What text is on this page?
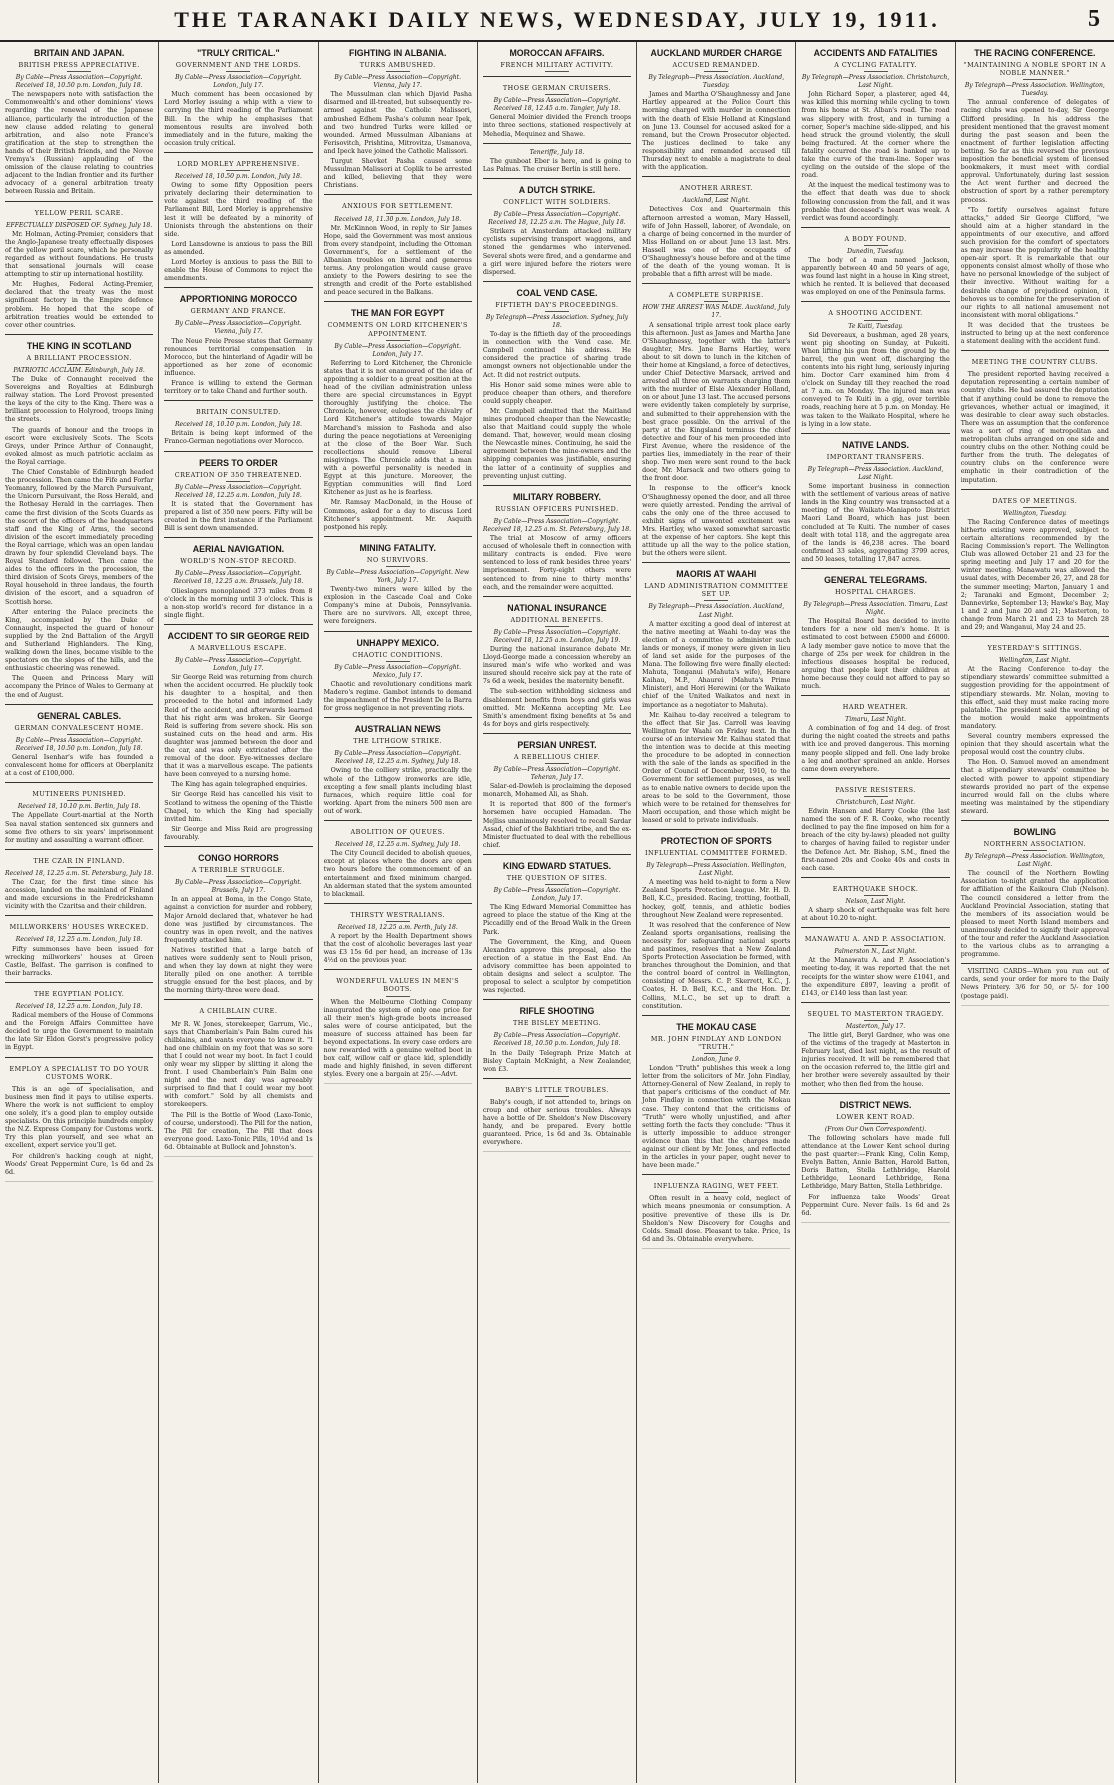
THE TARANAKI DAILY NEWS, WEDNESDAY, JULY 19, 1911.	5
BRITAIN AND JAPAN.
BRITISH PRESS APPRECIATIVE.
By Cable—Press Association—Copyright. Received 18, 10.50 p.m. London, July 18.

The newspapers note with satisfaction the Commonwealth's and other dominions' views regarding the renewal of the Japanese alliance, particularly the introduction of the new clause added relating to general arbitration, and also note France's gratification at the step to strengthen the hands of their British friends, and the Novoe Vremya's (Russian) applauding of the omission of the clause relating to countries adjacent to the Indian frontier and its further advocacy of a general arbitration treaty between Russia and Britain.

YELLOW PERIL SCARE.
EFFECTUALLY DISPOSED OF. Sydney, July 18.

Mr. Holman, Acting-Premier, considers that the Anglo-Japanese treaty effectually disposes of the yellow peril scare, which he personally regarded as without foundations. He trusts that sensational journals will cease attempting to stir up international hostility.

Mr. Hughes, Federal Acting-Premier, declared that the treaty was the most significant factory in the Empire defence problem. He hoped that the scope of arbitration treaties would be extended to cover other countries.

THE KING IN SCOTLAND
A BRILLIANT PROCESSION.
PATRIOTIC ACCLAIM. Edinburgh, July 18.

The Duke of Connaught received the Sovereigns and Royalties at Edinburgh railway station. The Lord Provost presented the keys of the city to the King. There was a brilliant procession to Holyrood, troops lining the streets.

The guards of honour and the troops in escort were exclusively Scots. The Scots Greys, under Prince Arthur of Connaught, evoked almost as much patriotic acclaim as the Royal carriage.

The Chief Constable of Edinburgh headed the procession. Then came the Fife and Forfar Yeomanry, followed by the March Pursuivant, the Unicorn Pursuivant, the Ross Herald, and the Rothesay Herald in the carriages. Then came the first division of the Scots Guards as the escort of the officers of the headquarters staff and the King of Arms, the second division of the escort immediately preceding the Royal carriage, which was an open landau drawn by four splendid Cleveland bays. The Royal Standard followed. Then came the aides to the officers in the procession, the third division of Scots Greys, members of the Royal household in three landaus, the fourth division of the escort, and a squadron of Scottish horse.

After entering the Palace precincts the King, accompanied by the Duke of Connaught, inspected the guard of honour supplied by the 2nd Battalion of the Argyll and Sutherland Highlanders. The King, walking down the lines, became visible to the spectators on the slopes of the hills, and the enthusiastic cheering was renewed.

The Queen and Princess Mary will accompany the Prince of Wales to Germany at the end of August.

GENERAL CABLES.
GERMAN CONVALESCENT HOME.
By Cable—Press Association—Copyright. Received 18, 10.50 p.m. London, July 18.

General Isenhar's wife has founded a convalescent home for officers at Oberplanitz at a cost of £100,000.

MUTINEERS PUNISHED.
Received 18, 10.10 p.m. Berlin, July 18.

The Appellate Court-martial at the North Sea naval station sentenced six gunners and some five others to six years' imprisonment for mutiny and assaulting a warrant officer.

THE CZAR IN FINLAND.
Received 18, 12.25 a.m. St. Petersburg, July 18.

The Czar, for the first time since his accession, landed on the mainland of Finland and made excursions in the Fredrickshamn vicinity with the Czaritsa and their children.

MILLWORKERS' HOUSES WRECKED.
Received 18, 12.25 a.m. London, July 18.

Fifty summonses have been issued for wrecking millworkers' houses at Green Castle, Belfast. The garrison is confined to their barracks.

THE EGYPTIAN POLICY.
Received 18, 12.25 a.m. London, July 18.

Radical members of the House of Commons and the Foreign Affairs Committee have decided to urge the Government to maintain the late Sir Eldon Gorst's progressive policy in Egypt.

EMPLOY A SPECIALIST TO DO YOUR CUSTOMS WORK.

This is an age of specialisation, and business men find it pays to utilise experts. Where the work is not sufficient to employ one solely, it's a good plan to employ outside specialists. On this principle hundreds employ the N.Z. Express Company for Customs work. Try this plan yourself, and see what an excellent, expert service you'll get.

For children's hacking cough at night, Woods' Great Peppermint Cure, 1s 6d and 2s 6d.

"TRULY CRITICAL."
GOVERNMENT AND THE LORDS.
By Cable—Press Association—Copyright. London, July 17.

Much comment has been occasioned by Lord Morley issuing a whip with a view to carrying the third reading of the Parliament Bill. In the whip he emphasises that momentous results are involved both immediately and in the future, making the occasion truly critical.

LORD MORLEY APPREHENSIVE.
Received 18, 10.50 p.m. London, July 18.

Owing to some fifty Opposition peers privately declaring their determination to vote against the third reading of the Parliament Bill, Lord Morley is apprehensive lest it will be defeated by a minority of Unionists through the abstentions on their side.

Lord Lansdowne is anxious to pass the Bill as amended.

Lord Morley is anxious to pass the Bill to enable the House of Commons to reject the amendments.

APPORTIONING MOROCCO
GERMANY AND FRANCE.
By Cable—Press Association—Copyright. Vienna, July 17.

The Neue Freie Presse states that Germany renounces territorial compensation in Morocco, but the hinterland of Agadir will be apportioned as her zone of economic influence.

France is willing to extend the German territory or to take Chand and further south.

BRITAIN CONSULTED.
Received 18, 10.10 p.m. London, July 18.

Britain is being kept informed of the Franco-German negotiations over Morocco.

PEERS TO ORDER
CREATION OF 350 THREATENED.
By Cable—Press Association—Copyright. Received 18, 12.25 a.m. London, July 18.

It is stated that the Government has prepared a list of 350 new peers. Fifty will be created in the first instance if the Parliament Bill is sent down unamended.

AERIAL NAVIGATION.
WORLD'S NON-STOP RECORD.
By Cable—Press Association—Copyright. Received 18, 12.25 a.m. Brussels, July 18.

Olieslagers monoplaned 373 miles from 8 o'clock in the morning until 3 o'clock. This is a non-stop world's record for distance in a single flight.

ACCIDENT TO SIR GEORGE REID
A MARVELLOUS ESCAPE.
By Cable—Press Association—Copyright. London, July 17.

Sir George Reid was returning from church when the accident occurred. He pluckily took his daughter to a hospital, and then proceeded to the hotel and informed Lady Reid of the accident, and afterwards learned that his right arm was broken. Sir George Reid is suffering from severe shock. His son sustained cuts on the head and arm. His daughter was jammed between the door and the car, and was only extricated after the removal of the door. Eye-witnesses declare that it was a marvellous escape. The patients have been conveyed to a nursing home.

The King has again telegraphed enquiries.

Sir George Reid has cancelled his visit to Scotland to witness the opening of the Thistle Chapel, to which the King had specially invited him.

Sir George and Miss Reid are progressing favourably.

CONGO HORRORS
A TERRIBLE STRUGGLE.
By Cable—Press Association—Copyright. Brussels, July 17.

In an appeal at Boma, in the Congo State, against a conviction for murder and robbery, Major Arnold declared that, whatever he had done was justified by circumstances. The country was in open revolt, and the natives frequently attacked him.

Natives testified that a large batch of natives were suddenly sent to Nouli prison, and when they lay down at night they were literally piled on one another. A terrible struggle ensued for the best places, and by the morning thirty-three were dead.

A CHILBLAIN CURE.

Mr R. W. Jones, storekeeper, Garrum, Vic., says that Chamberlain's Pain Balm cured his chilblains, and wants everyone to know it. "I had one chilblain on my foot that was so sore that I could not wear my boot. In fact I could only wear my slipper by slitting it along the front. I used Chamberlain's Pain Balm one night and the next day was agreeably surprised to find that I could wear my boot with comfort." Sold by all chemists and storekeepers.

The Pill is the Bottle of Wood (Laxo-Tonic, of course, understood). The Pill for the nation, The Pill for creation, The Pill that does everyone good. Laxo-Tonic Pills, 10½d and 1s 6d. Obtainable at Bullock and Johnston's.

FIGHTING IN ALBANIA.
TURKS AMBUSHED.
By Cable—Press Association—Copyright. Vienna, July 17.

The Mussulman clan which Djavid Pasha disarmed and ill-treated, but subsequently re-armed against the Catholic Malissori, ambushed Edhem Pasha's column near Ipek, and two hundred Turks were killed or wounded. Armed Mussulman Albanians at Ferisovitch, Prishtina, Mitrovitza, Usmanova, and Ipeck have joined the Catholic Malissori.

Turgut Shevket Pasha caused some Mussulman Malissori at Coplik to be arrested and killed, believing that they were Christians.

ANXIOUS FOR SETTLEMENT.
Received 18, 11.30 p.m. London, July 18.

Mr. McKinnon Wood, in reply to Sir James Hope, said the Government was most anxious from every standpoint, including the Ottoman Government's, for a settlement of the Albanian troubles on liberal and generous terms. Any prolongation would cause grave anxiety to the Powers desiring to see the strength and credit of the Porte established and peace secured in the Balkans.

THE MAN FOR EGYPT
COMMENTS ON LORD KITCHENER'S APPOINTMENT.
By Cable—Press Association—Copyright. London, July 17.

Referring to Lord Kitchener, the Chronicle states that it is not enamoured of the idea of appointing a soldier to a great position at the head of the civilian administration unless there are special circumstances in Egypt thoroughly justifying the choice. The Chronicle, however, eulogises the chivalry of Lord Kitchener's attitude towards Major Marchand's mission to Fashoda and also during the peace negotiations at Vereeniging at the close of the Boer War. Such recollections should remove Liberal misgivings. The Chronicle adds that a man with a powerful personality is needed in Egypt at this juncture. Moreover, the Egyptian communities will find Lord Kitchener as just as he is fearless.

Mr. Ramsay MacDonald, in the House of Commons, asked for a day to discuss Lord Kitchener's appointment. Mr. Asquith postponed his reply.

MINING FATALITY.
NO SURVIVORS.
By Cable—Press Association—Copyright. New York, July 17.

Twenty-two miners were killed by the explosion in the Cascade Coal and Coke Company's mine at Dubois, Pennsylvania. There are no survivors. All, except three, were foreigners.

UNHAPPY MEXICO.
CHAOTIC CONDITIONS.
By Cable—Press Association—Copyright. Mexico, July 17.

Chaotic and revolutionary conditions mark Madero's regime. Gambot intends to demand the impeachment of the President De la Barra for gross negligence in not preventing riots.

AUSTRALIAN NEWS
THE LITHGOW STRIKE.
By Cable—Press Association—Copyright. Received 18, 12.25 a.m. Sydney, July 18.

Owing to the colliery strike, practically the whole of the Lithgow ironworks are idle, excepting a few small plants including blast furnaces, which require little coal for working. Apart from the miners 500 men are out of work.

ABOLITION OF QUEUES.
Received 18, 12.25 a.m. Sydney, July 18.

The City Council decided to abolish queues, except at places where the doors are open two hours before the commencement of an entertainment and fixed minimum charged. An alderman stated that the system amounted to blackmail.

THIRSTY WESTRALIANS.
Received 18, 12.25 a.m. Perth, July 18.

A report by the Health Department shows that the cost of alcoholic beverages last year was £3 15s 6d per head, an increase of 13s 4½d on the previous year.

WONDERFUL VALUES IN MEN'S BOOTS.

When the Melbourne Clothing Company inaugurated the system of only one price for all their men's high-grade boots increased sales were of course anticipated, but the measure of success attained has been far beyond expectations. In every case orders are now rewarded with a genuine welted boot in box calf, willow calf or glace kid, splendidly made and highly finished, in seven different styles. Every one a bargain at 25/-.—Advt.

MOROCCAN AFFAIRS.
FRENCH MILITARY ACTIVITY.
THOSE GERMAN CRUISERS.
By Cable—Press Association—Copyright. Received 18, 12.45 a.m. Tangier, July 18.

General Moinier divided the French troops into three sections, stationed respectively at Mehedia, Mequinez and Shawe.

Teneriffe, July 18.

The gunboat Eber is here, and is going to Las Palmas. The cruiser Berlin is still here.

A DUTCH STRIKE.
CONFLICT WITH SOLDIERS.
By Cable—Press Association—Copyright. Received 18, 12.25 a.m. The Hague, July 18.

Strikers at Amsterdam attacked military cyclists supervising transport waggons, and stoned the gendarmes who intervened. Several shots were fired, and a gendarme and a girl were injured before the rioters were dispersed.

COAL VEND CASE.
FIFTIETH DAY'S PROCEEDINGS.
By Telegraph—Press Association. Sydney, July 18.

To-day is the fiftieth day of the proceedings in connection with the Vend case. Mr. Campbell continued his address. He considered the practice of sharing trade amongst owners not objectionable under the Act. It did not restrict outputs.

His Honor said some mines were able to produce cheaper than others, and therefore could supply cheaper.

Mr. Campbell admitted that the Maitland mines produced cheaper than the Newcastle; also that Maitland could supply the whole demand. That, however, would mean closing the Newcastle mines. Continuing, he said the agreement between the mine-owners and the shipping companies was justifiable, ensuring the latter of a continuity of supplies and preventing unjust cutting.

MILITARY ROBBERY.
RUSSIAN OFFICERS PUNISHED.
By Cable—Press Association—Copyright. Received 18, 12.25 a.m. St. Petersburg, July 18.

The trial at Moscow of army officers accused of wholesale theft in connection with military contracts is ended. Five were sentenced to loss of rank besides three years' imprisonment. Forty-eight others were sentenced to from nine to thirty months' each, and the remainder were acquitted.

NATIONAL INSURANCE
ADDITIONAL BENEFITS.
By Cable—Press Association—Copyright. Received 18, 12.25 a.m. London, July 19.

During the national insurance debate Mr. Lloyd-George made a concession whereby an insured man's wife who worked and was insured should receive sick pay at the rate of 7s 6d a week, besides the maternity benefit.

The sub-section withholding sickness and disablement benefits from boys and girls was omitted. Mr. McKenna accepting Mr. Lee Smith's amendment fixing benefits at 5s and 4s for boys and girls respectively.

PERSIAN UNREST.
A REBELLIOUS CHIEF.
By Cable—Press Association—Copyright. Teheran, July 17.

Salar-ed-Dowleh is proclaiming the deposed monarch, Mohamed Ali, as Shah.

It is reported that 800 of the former's horsemen have occupied Hamadan. The Mejliss unanimously resolved to recall Sardar Assad, chief of the Bakhtiari tribe, and the ex-Minister fluctuated to deal with the rebellious chief.

KING EDWARD STATUES.
THE QUESTION OF SITES.
By Cable—Press Association—Copyright. London, July 17.

The King Edward Memorial Committee has agreed to place the statue of the King at the Piccadilly end of the Broad Walk in the Green Park.

The Government, the King, and Queen Alexandra approve this proposal, also the erection of a statue in the East End. An advisory committee has been appointed to obtain designs and select a sculptor. The proposal to select a sculptor by competition was rejected.

RIFLE SHOOTING
THE BISLEY MEETING.
By Cable—Press Association—Copyright. Received 18, 10.50 p.m. London, July 18.

In the Daily Telegraph Prize Match at Bisley Captain McKnight, a New Zealander, won £3.

BABY'S LITTLE TROUBLES.

Baby's cough, if not attended to, brings on croup and other serious troubles. Always have a bottle of Dr. Sheldon's New Discovery handy, and be prepared. Every bottle guaranteed. Price, 1s 6d and 3s. Obtainable everywhere.

AUCKLAND MURDER CHARGE
ACCUSED REMANDED.
By Telegraph—Press Association. Auckland, Tuesday.

James and Martha O'Shaughnessy and Jane Hartley appeared at the Police Court this morning charged with murder in connection with the death of Elsie Holland at Kingsland on June 13. Counsel for accused asked for a remand, but the Crown Prosecutor objected. The justices declined to take any responsibility and remanded accused till Thursday next to enable a magistrate to deal with the application.

ANOTHER ARREST.
Auckland, Last Night.

Detectives Cox and Quartermain this afternoon arrested a woman, Mary Hassell, wife of John Hassell, laborer, of Avondale, on a charge of being concerned in the murder of Miss Holland on or about June 13 last. Mrs. Hassell was one of the occupants of O'Shaughnessy's house before and at the time of the death of the young woman. It is probable that a fifth arrest will be made.

A COMPLETE SURPRISE.
HOW THE ARREST WAS MADE. Auckland, July 17.

A sensational triple arrest took place early this afternoon. Just as James and Martha Jane O'Shaughnessy, together with the latter's daughter, Mrs. Jane Barns Hartley, were about to sit down to lunch in the kitchen of their home at Kingsland, a force of detectives, under Chief Detective Marsack, arrived and arrested all three on warrants charging them with the murder of Elsie Alexander Holland, on or about June 13 last. The accused persons were evidently taken completely by surprise, and submitted to their apprehension with the best grace possible. On the arrival of the party at the Kingsland terminus the chief detective and four of his men proceeded into First Avenue, where the residence of the parties lies, immediately in the rear of their shop. Two men were sent round to the back door, Mr. Marsack and two others going to the front door.

In response to the officer's knock O'Shaughnessy opened the door, and all three were quietly arrested. Pending the arrival of cabs the only one of the three accused to exhibit signs of unwonted excitement was Mrs. Hartley, who waxed somewhat sarcastic at the expense of her captors. She kept this attitude up all the way to the police station, but the others were silent.

MAORIS AT WAAHI
LAND ADMINISTRATION COMMITTEE SET UP.
By Telegraph—Press Association. Auckland, Last Night.

A matter exciting a good deal of interest at the native meeting at Waahi to-day was the election of a committee to administer such lands or moneys, if money were given in lieu of land set aside for the purposes of the Mana. The following five were finally elected: Mahuta, Tonganui (Mahuta's wife), Henare Kaihau, M.P., Ahaurei (Mahuta's Prime Minister), and Hori Herewini (or the Waikato chief of the United Waikatos and next in importance as a negotiator to Mahuta).

Mr. Kaihau to-day received a telegram to the effect that Sir Jas. Carroll was leaving Wellington for Waahi on Friday next. In the course of an interview Mr. Kaihau stated that the intention was to decide at this meeting the procedure to be adopted in connection with the sale of the lands as specified in the Order of Council of December, 1910, to the Government for settlement purposes, as well as to enable native owners to decide upon the areas to be sold to the Government, those which were to be retained for themselves for Maori occupation, and those which might be leased or sold to private individuals.

PROTECTION OF SPORTS
INFLUENTIAL COMMITTEE FORMED.
By Telegraph—Press Association. Wellington, Last Night.

A meeting was held to-night to form a New Zealand Sports Protection League. Mr. H. D. Bell, K.C., presided. Racing, trotting, football, hockey, golf, tennis, and athletic bodies throughout New Zealand were represented.

It was resolved that the conference of New Zealand sports organisations, realising the necessity for safeguarding national sports and pastimes, resolves that a New Zealand Sports Protection Association be formed, with branches throughout the Dominion, and that the control board of control in Wellington, consisting of Messrs. C. P. Skerrett, K.C., J. Coates, H. D. Bell, K.C., and the Hon. Dr. Collins, M.L.C., be set up to draft a constitution.

THE MOKAU CASE
MR. JOHN FINDLAY AND LONDON "TRUTH."
London, June 9.

London "Truth" publishes this week a long letter from the solicitors of Mr. John Findlay, Attorney-General of New Zealand, in reply to that paper's criticisms of the conduct of Mr. John Findlay in connection with the Mokau case. They contend that the criticisms of "Truth" were wholly unjustified, and after setting forth the facts they conclude: "Thus it is utterly impossible to adduce stronger evidence than this that the charges made against our client by Mr. Jones, and reflected in the articles in your paper, ought never to have been made."

INFLUENZA RAGING, WET FEET.

Often result in a heavy cold, neglect of which means pneumonia or consumption. A positive preventive of these ills is Dr. Sheldon's New Discovery for Coughs and Colds. Small dose. Pleasant to take. Price, 1s 6d and 3s. Obtainable everywhere.

ACCIDENTS AND FATALITIES
A CYCLING FATALITY.
By Telegraph—Press Association. Christchurch, Last Night.

John Richard Soper, a plasterer, aged 44, was killed this morning while cycling to town from his home at St. Alban's road. The road was slippery with frost, and in turning a corner, Soper's machine side-slipped, and his head struck the ground violently, the skull being fractured. At the corner where the fatality occurred the road is banked up to take the curve of the tram-line. Soper was cycling on the outside of the slope of the road.

At the inquest the medical testimony was to the effect that death was due to shock following concussion from the fall, and it was probable that deceased's heart was weak. A verdict was found accordingly.

A BODY FOUND.
Dunedin, Tuesday.

The body of a man named Jackson, apparently between 40 and 50 years of age, was found last night in a house in King street, which he rented. It is believed that deceased was employed on one of the Peninsula farms.

A SHOOTING ACCIDENT.
Te Kuiti, Tuesday.

Sid Devereaux, a bushman, aged 28 years, went pig shooting on Sunday, at Pukeiti. When lifting his gun from the ground by the barrel, the gun went off, discharging the contents into his right lung, seriously injuring him. Doctor Carr examined him from 4 o'clock on Sunday till they reached the road at 7 a.m. on Monday. The injured man was conveyed to Te Kuiti in a gig, over terrible roads, reaching here at 5 p.m. on Monday. He was taken to the Waikato Hospital, where he is lying in a low state.

NATIVE LANDS.
IMPORTANT TRANSFERS.
By Telegraph—Press Association. Auckland, Last Night.

Some important business in connection with the settlement of various areas of native lands in the King country was transacted at a meeting of the Waikato-Maniapoto District Maori Land Board, which has just been concluded at Te Kuiti. The number of cases dealt with total 118, and the aggregate area of the lands is 46,238 acres. The board confirmed 33 sales, aggregating 3799 acres, and 50 leases, totalling 17,847 acres.

GENERAL TELEGRAMS.
HOSPITAL CHARGES.
By Telegraph—Press Association. Timaru, Last Night.

The Hospital Board has decided to invite tenders for a new old men's home. It is estimated to cost between £5000 and £6000. A lady member gave notice to move that the charge of 25s per week for children in the infectious diseases hospital be reduced, arguing that people kept their children at home because they could not afford to pay so much.

HARD WEATHER.
Timaru, Last Night.

A combination of fog and 14 deg. of frost during the night coated the streets and paths with ice and proved dangerous. This morning many people slipped and fell. One lady broke a leg and another sprained an ankle. Horses came down everywhere.

PASSIVE RESISTERS.
Christchurch, Last Night.

Edwin Hansen and Harry Cooke (the last named the son of F. R. Cooke, who recently declined to pay the fine imposed on him for a breach of the city by-laws) pleaded not guilty to charges of having failed to register under the Defence Act. Mr. Bishop, S.M., fined the first-named 20s and Cooke 40s and costs in each case.

EARTHQUAKE SHOCK.
Nelson, Last Night.

A sharp shock of earthquake was felt here at about 10.20 to-night.

MANAWATU A. AND P. ASSOCIATION.
Palmerston N., Last Night.

At the Manawatu A. and P. Association's meeting to-day, it was reported that the net receipts for the winter show were £1041, and the expenditure £897, leaving a profit of £143, or £140 less than last year.

SEQUEL TO MASTERTON TRAGEDY.
Masterton, July 17.

The little girl, Beryl Gardner, who was one of the victims of the tragedy at Masterton in February last, died last night, as the result of injuries received. It will be remembered that on the occasion referred to, the little girl and her brother were severely assaulted by their mother, who then fled from the house.

DISTRICT NEWS.
LOWER KENT ROAD.
(From Our Own Correspondent).

The following scholars have made full attendance at the Lower Kent school during the past quarter:—Frank King, Colin Kemp, Evelyn Batten, Annie Batten, Harold Batten, Doris Batten, Stella Lethbridge, Harold Lethbridge, Leonard Lethbridge, Rena Lethbridge, Mary Batten, Stella Lethbridge.

For influenza take Woods' Great Peppermint Cure. Never fails. 1s 6d and 2s 6d.

THE RACING CONFERENCE.
"MAINTAINING A NOBLE SPORT IN A NOBLE MANNER."
By Telegraph—Press Association. Wellington, Tuesday.

The annual conference of delegates of racing clubs was opened to-day, Sir George Clifford presiding. In his address the president mentioned that the gravest moment during the past season and been the enactment of further legislation affecting betting. So far as this reversed the previous imposition the beneficial system of licensed bookmakers, it must meet with cordial approval. Unfortunately, during last session the Act went further and decreed the obstruction of sport by a rather peremptory process.

"To fortify ourselves against future attacks," added Sir George Clifford, "we should aim at a higher standard in the appointments of our executive, and afford such provision for the comfort of spectators as may increase the popularity of the healthy open-air sport. It is remarkable that our opponents consist almost wholly of those who have no personal knowledge of the subject of their invective. Without waiting for a desirable change of prejudiced opinion, it behoves us to combine for the preservation of our rights to all national amusement not inconsistent with moral obligations."

It was decided that the trustees be instructed to bring up at the next conference a statement dealing with the accident fund.

MEETING THE COUNTRY CLUBS.

The president reported having received a deputation representing a certain number of country clubs. He had assured the deputation that if anything could be done to remove the grievances, whether actual or imagined, it was desirable to clear away such obstacles. There was an assumption that the conference was a sort of ring of metropolitan and metropolitan clubs arranged on one side and country clubs on the other. Nothing could be further from the truth. The delegates of country clubs on the conference were emphatic in their contradiction of the imputation.

DATES OF MEETINGS.
Wellington, Tuesday.

The Racing Conference dates of meetings hitherto existing were approved, subject to certain alterations recommended by the Racing Commission's report. The Wellington Club was allowed October 21 and 23 for the spring meeting and July 17 and 20 for the winter meeting. Manawatu was allowed the usual dates, with December 26, 27, and 28 for the summer meeting; Marton, January 1 and 2; Taranaki and Egmont, December 2; Dannevirke, September 13; Hawke's Bay, May 1 and 2 and June 20 and 21; Masterton, to change from March 21 and 23 to March 28 and 29; and Wanganui, May 24 and 25.

YESTERDAY'S SITTINGS.
Wellington, Last Night.

At the Racing Conference to-day the stipendiary stewards' committee submitted a suggestion providing for the appointment of stipendiary stewards. Mr. Nolan, moving to this effect, said they must make racing more palatable. The president said the wording of the motion would make appointments mandatory.

Several country members expressed the opinion that they should ascertain what the proposal would cost the country clubs.

The Hon. O. Samuel moved an amendment that a stipendiary stewards' committee be elected with power to appoint stipendiary stewards provided no part of the expense incurred would fall on the clubs where meeting was maintained by the stipendiary steward.

BOWLING
NORTHERN ASSOCIATION.
By Telegraph—Press Association. Wellington, Last Night.

The council of the Northern Bowling Association to-night granted the application for affiliation of the Kaikoura Club (Nelson). The council considered a letter from the Auckland Provincial Association, stating that the members of its association would be pleased to meet North Island members and unanimously decided to signify their approval of the tour and refer the Auckland Association to the various clubs as to arranging a programme.

VISITING CARDS—When you run out of cards, send your order for more to the Daily News Printery. 3/6 for 50, or 5/- for 100 (postage paid).
